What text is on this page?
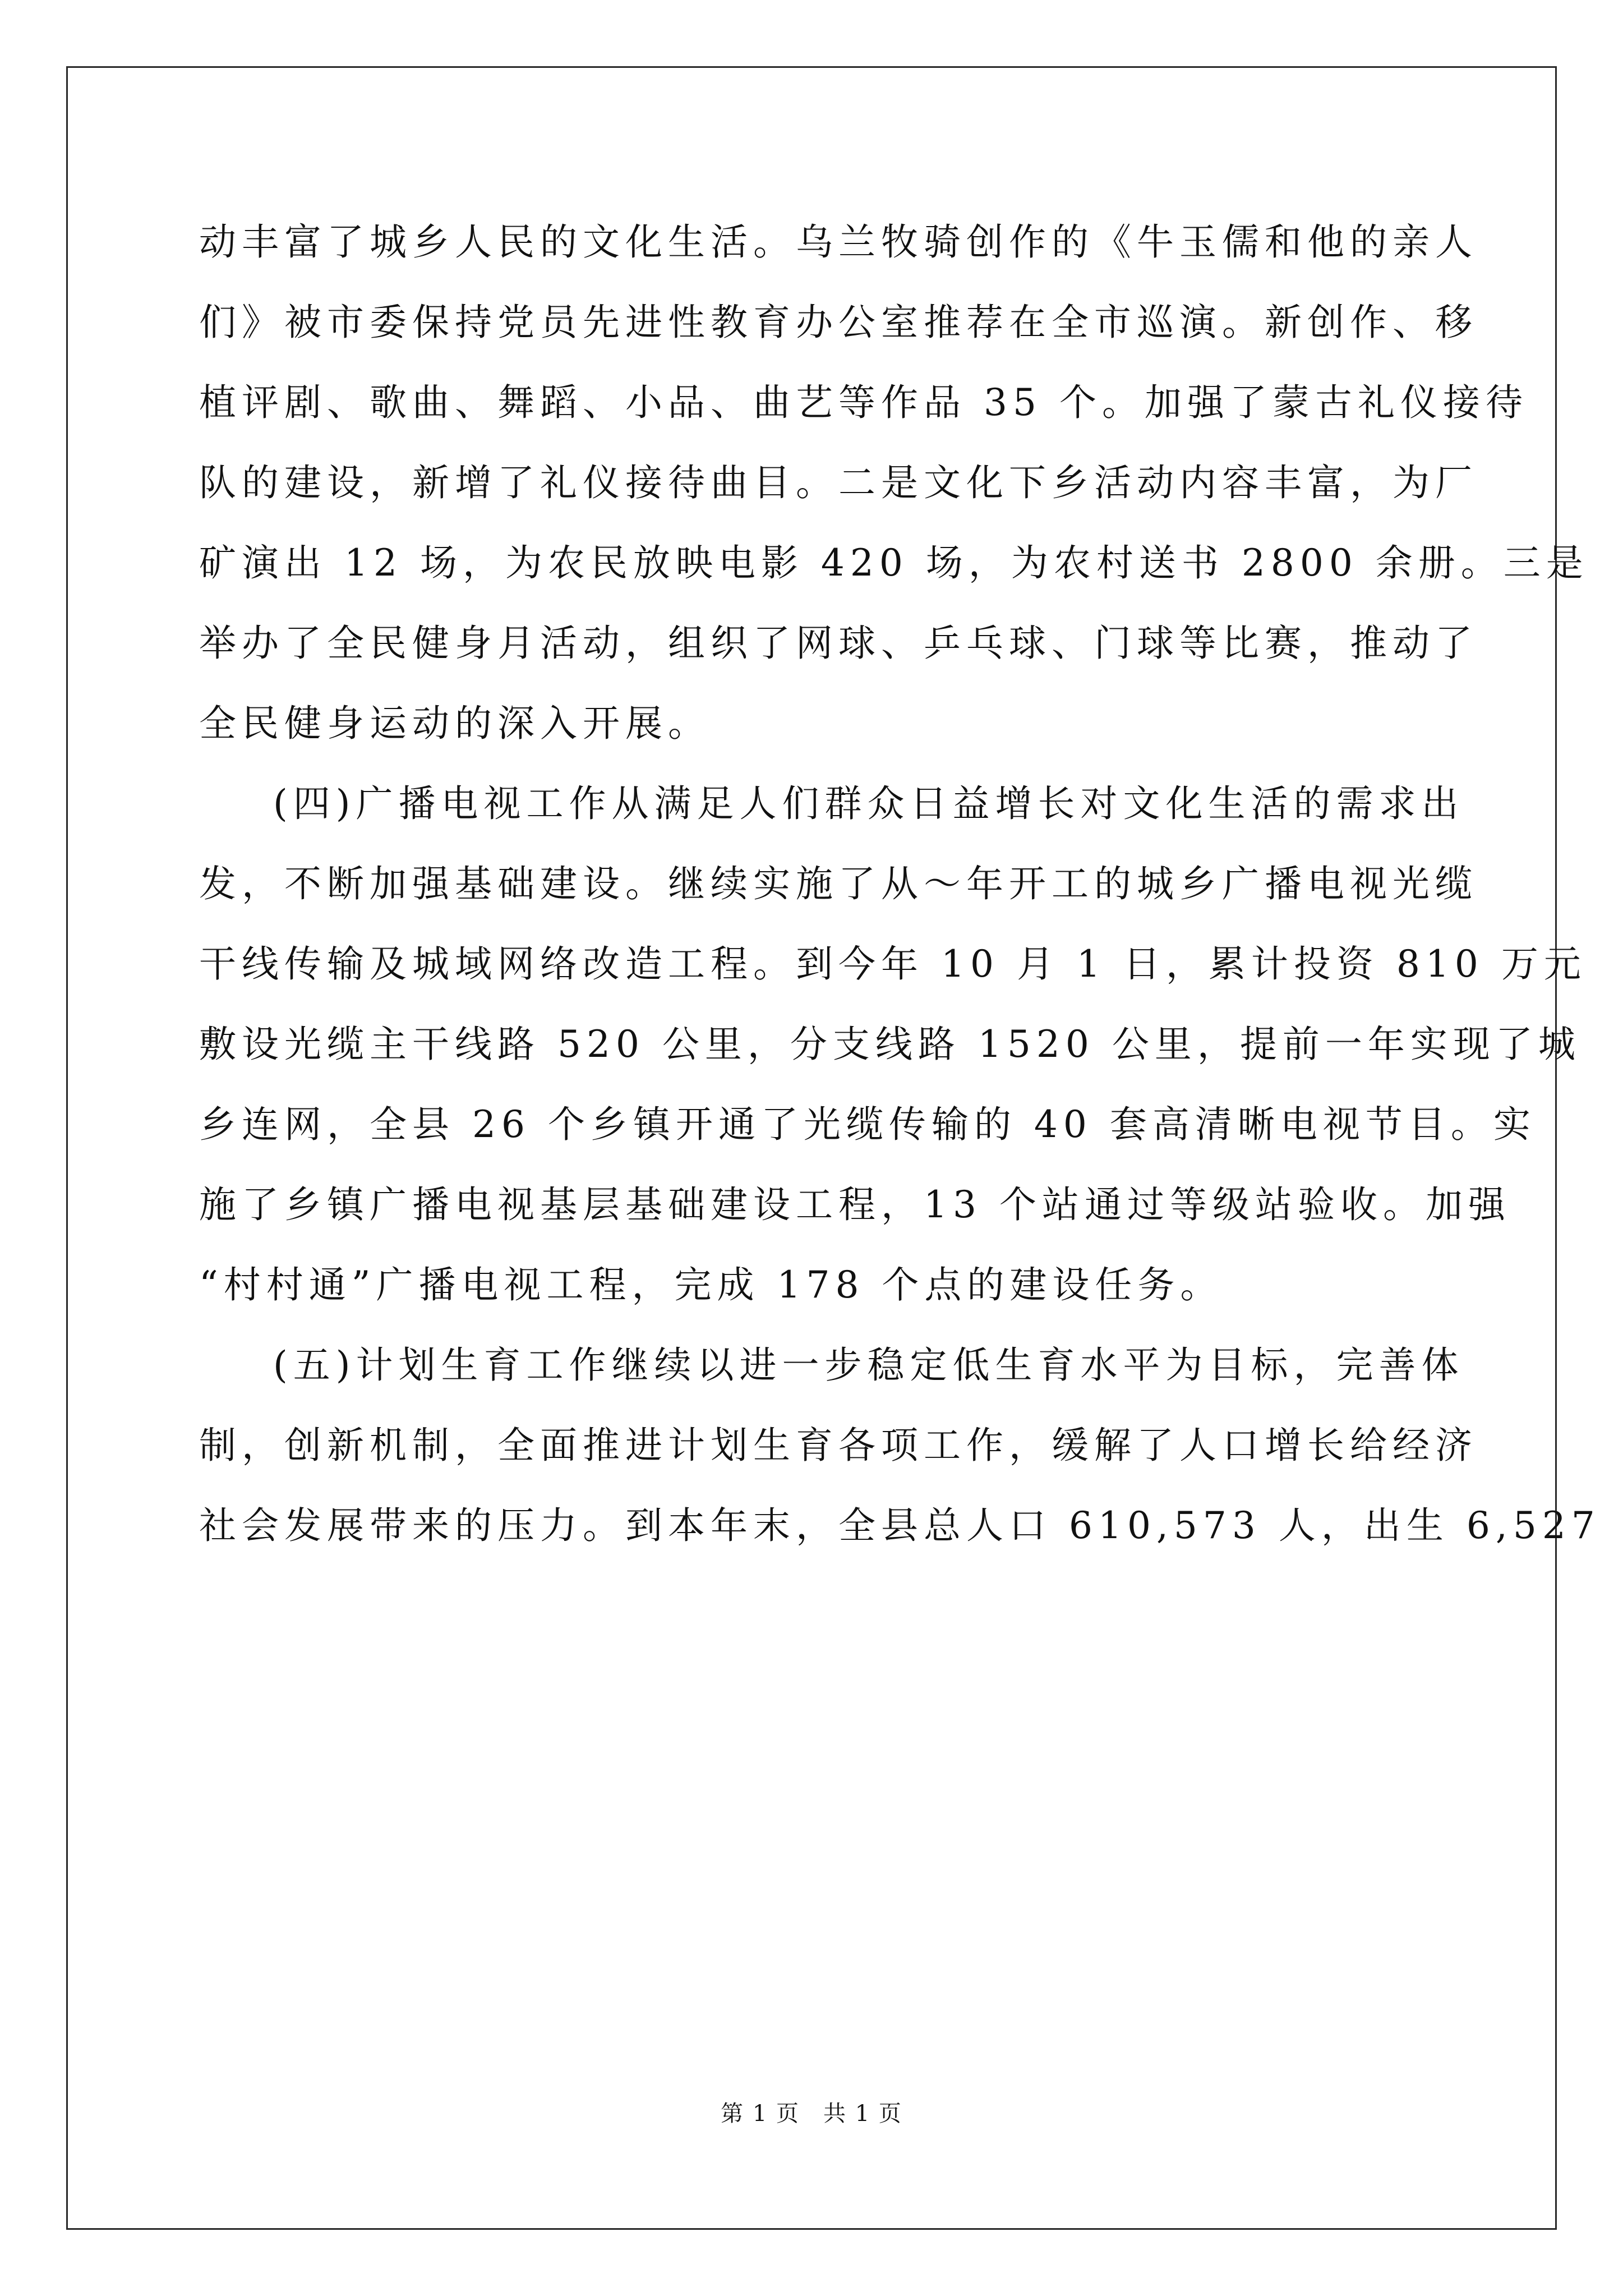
动丰富了城乡人民的文化生活。乌兰牧骑创作的《牛玉儒和他的亲人
们》被市委保持党员先进性教育办公室推荐在全市巡演。新创作、移
植评剧、歌曲、舞蹈、小品、曲艺等作品 35 个。加强了蒙古礼仪接待
队的建设，新增了礼仪接待曲目。二是文化下乡活动内容丰富，为厂
矿演出 12 场，为农民放映电影 420 场，为农村送书 2800 余册。三是
举办了全民健身月活动，组织了网球、乒乓球、门球等比赛，推动了
全民健身运动的深入开展。
(四)广播电视工作从满足人们群众日益增长对文化生活的需求出
发，不断加强基础建设。继续实施了从～年开工的城乡广播电视光缆
干线传输及城域网络改造工程。到今年 10 月 1 日，累计投资 810 万元
敷设光缆主干线路 520 公里，分支线路 1520 公里，提前一年实现了城
乡连网，全县 26 个乡镇开通了光缆传输的 40 套高清晰电视节目。实
施了乡镇广播电视基层基础建设工程，13 个站通过等级站验收。加强
“村村通”广播电视工程，完成 178 个点的建设任务。
(五)计划生育工作继续以进一步稳定低生育水平为目标，完善体
制，创新机制，全面推进计划生育各项工作，缓解了人口增长给经济
社会发展带来的压力。到本年末，全县总人口 610,573 人，出生 6,527
第 1 页　共 1 页
